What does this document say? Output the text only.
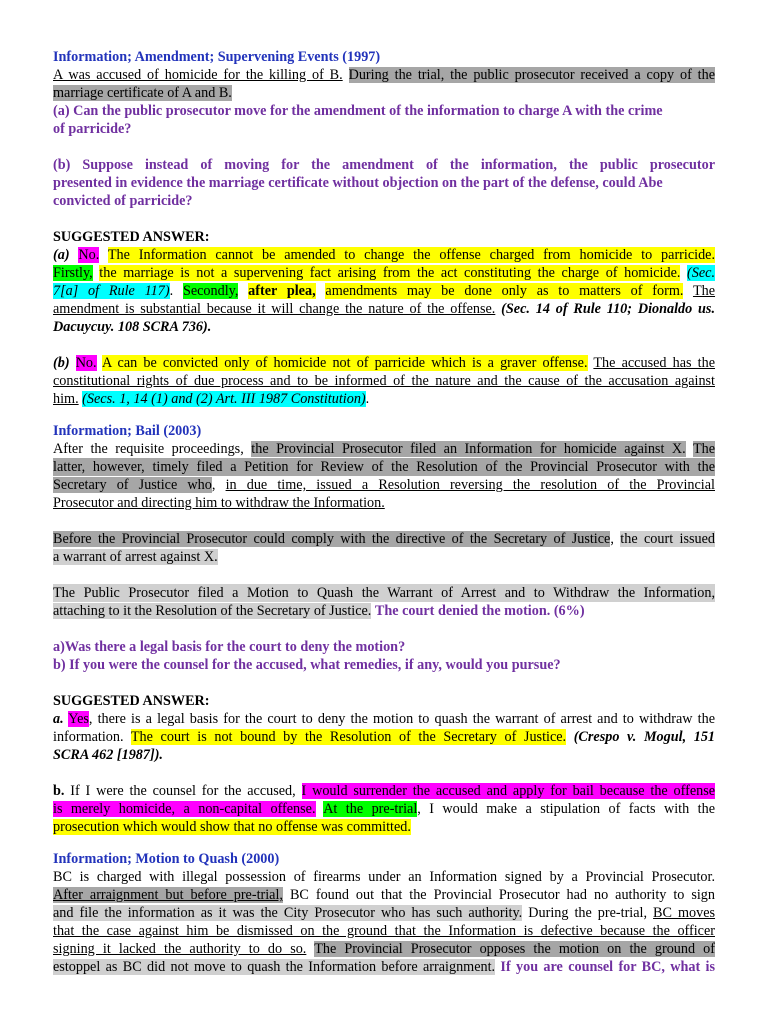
Information; Amendment; Supervening Events (1997)
A was accused of homicide for the killing of B. During the trial, the public prosecutor received a copy of the
marriage certificate of A and B.
(a) Can the public prosecutor move for the amendment of the information to charge A with the crime
of parricide?
(b) Suppose instead of moving for the amendment of the information, the public prosecutor
presented in evidence the marriage certificate without objection on the part of the defense, could Abe
convicted of parricide?
SUGGESTED ANSWER:
(a) No. The Information cannot be amended to change the offense charged from homicide to parricide.
Firstly, the marriage is not a supervening fact arising from the act constituting the charge of homicide. (Sec.
7[a] of Rule 117). Secondly, after plea, amendments may be done only as to matters of form. The
amendment is substantial because it will change the nature of the offense. (Sec. 14 of Rule 110; Dionaldo us.
Dacuycuy. 108 SCRA 736).
(b) No. A can be convicted only of homicide not of parricide which is a graver offense. The accused has the
constitutional rights of due process and to be informed of the nature and the cause of the accusation against
him. (Secs. 1, 14 (1) and (2) Art. III 1987 Constitution).
Information; Bail (2003)
After the requisite proceedings, the Provincial Prosecutor filed an Information for homicide against X. The
latter, however, timely filed a Petition for Review of the Resolution of the Provincial Prosecutor with the
Secretary of Justice who, in due time, issued a Resolution reversing the resolution of the Provincial
Prosecutor and directing him to withdraw the Information.
Before the Provincial Prosecutor could comply with the directive of the Secretary of Justice, the court issued
a warrant of arrest against X.
The Public Prosecutor filed a Motion to Quash the Warrant of Arrest and to Withdraw the Information,
attaching to it the Resolution of the Secretary of Justice. The court denied the motion. (6%)
a)Was there a legal basis for the court to deny the motion?
b) If you were the counsel for the accused, what remedies, if any, would you pursue?
SUGGESTED ANSWER:
a. Yes, there is a legal basis for the court to deny the motion to quash the warrant of arrest and to withdraw the
information. The court is not bound by the Resolution of the Secretary of Justice. (Crespo v. Mogul, 151
SCRA 462 [1987]).
b. If I were the counsel for the accused, I would surrender the accused and apply for bail because the offense
is merely homicide, a non-capital offense. At the pre-trial, I would make a stipulation of facts with the
prosecution which would show that no offense was committed.
Information; Motion to Quash (2000)
BC is charged with illegal possession of firearms under an Information signed by a Provincial Prosecutor.
After arraignment but before pre-trial, BC found out that the Provincial Prosecutor had no authority to sign
and file the information as it was the City Prosecutor who has such authority. During the pre-trial, BC moves
that the case against him be dismissed on the ground that the Information is defective because the officer
signing it lacked the authority to do so. The Provincial Prosecutor opposes the motion on the ground of
estoppel as BC did not move to quash the Information before arraignment. If you are counsel for BC, what is
